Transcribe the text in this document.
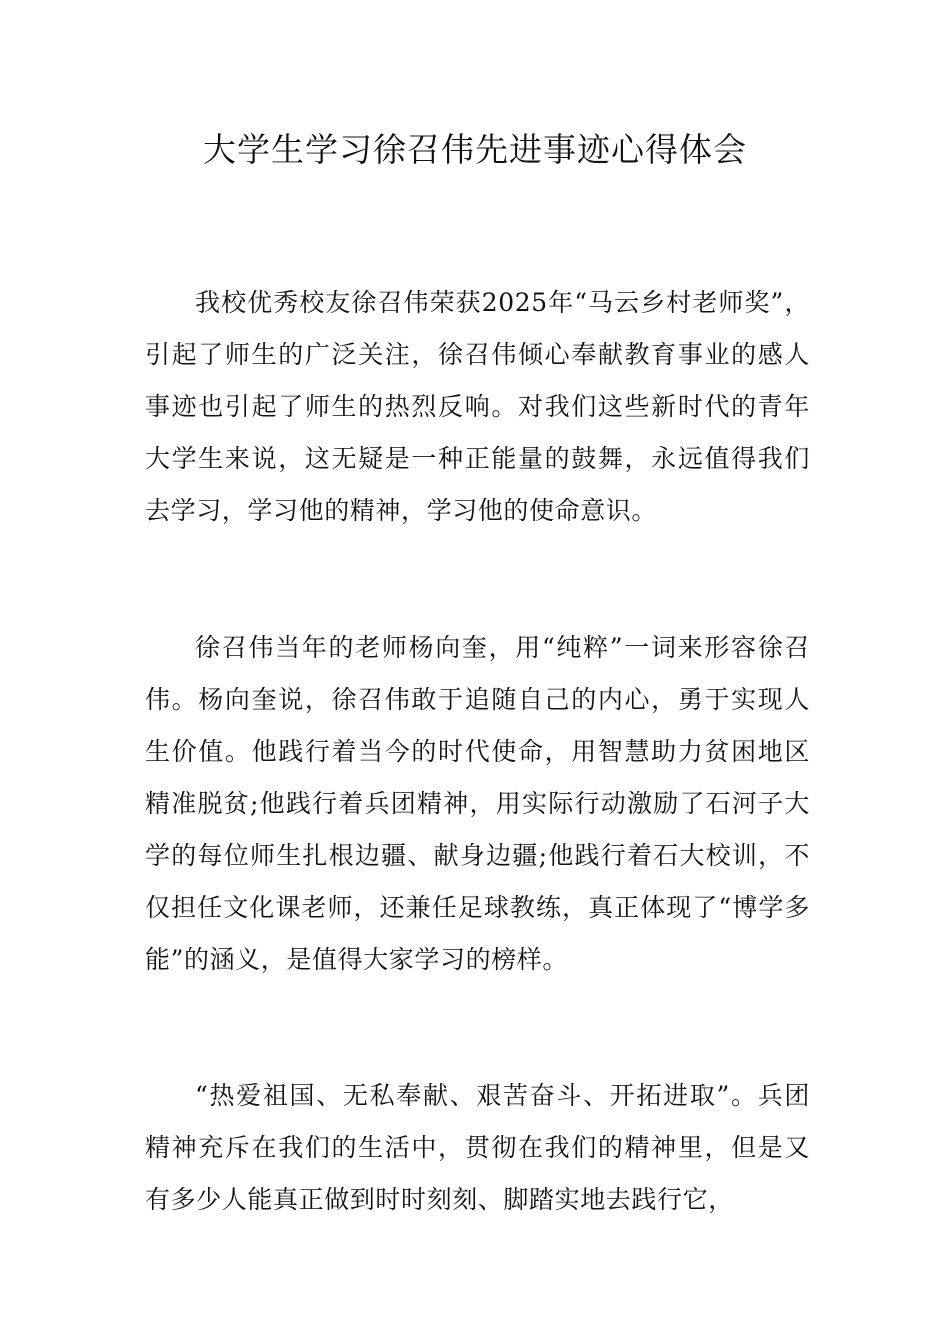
大学生学习徐召伟先进事迹心得体会

我校优秀校友徐召伟荣获2025年“马云乡村老师奖”，引起了师生的广泛关注，徐召伟倾心奉献教育事业的感人事迹也引起了师生的热烈反响。对我们这些新时代的青年大学生来说，这无疑是一种正能量的鼓舞，永远值得我们去学习，学习他的精神，学习他的使命意识。

徐召伟当年的老师杨向奎，用“纯粹”一词来形容徐召伟。杨向奎说，徐召伟敢于追随自己的内心，勇于实现人生价值。他践行着当今的时代使命，用智慧助力贫困地区精准脱贫;他践行着兵团精神，用实际行动激励了石河子大学的每位师生扎根边疆、献身边疆;他践行着石大校训，不仅担任文化课老师，还兼任足球教练，真正体现了“博学多能”的涵义，是值得大家学习的榜样。

“热爱祖国、无私奉献、艰苦奋斗、开拓进取”。兵团精神充斥在我们的生活中，贯彻在我们的精神里，但是又有多少人能真正做到时时刻刻、脚踏实地去践行它，
